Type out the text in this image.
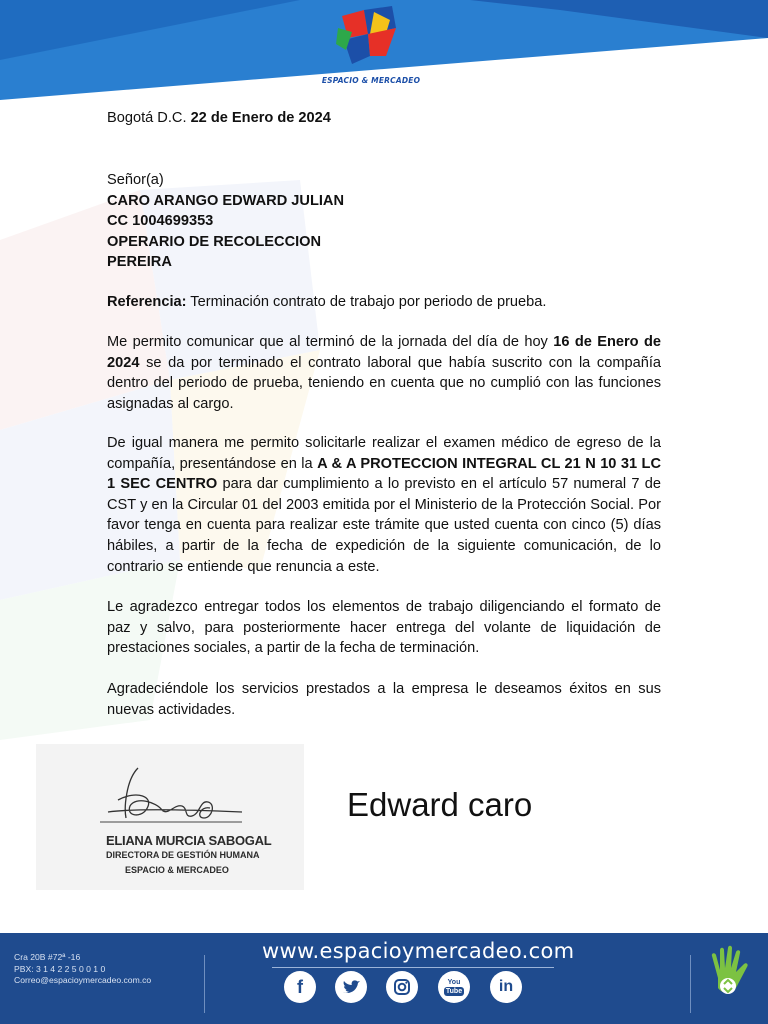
ESPACIO & MERCADEO
Bogotá D.C. 22 de Enero de 2024
Señor(a)
CARO ARANGO EDWARD JULIAN
CC 1004699353
OPERARIO DE RECOLECCION
PEREIRA
Referencia: Terminación contrato de trabajo por periodo de prueba.
Me permito comunicar que al terminó de la jornada del día de hoy 16 de Enero de 2024 se da por terminado el contrato laboral que había suscrito con la compañía dentro del periodo de prueba, teniendo en cuenta que no cumplió con las funciones asignadas al cargo.
De igual manera me permito solicitarle realizar el examen médico de egreso de la compañía, presentándose en la A & A PROTECCION INTEGRAL CL 21 N 10 31 LC 1 SEC CENTRO para dar cumplimiento a lo previsto en el artículo 57 numeral 7 de CST y en la Circular 01 del 2003 emitida por el Ministerio de la Protección Social. Por favor tenga en cuenta para realizar este trámite que usted cuenta con cinco (5) días hábiles, a partir de la fecha de expedición de la siguiente comunicación, de lo contrario se entiende que renuncia a este.
Le agradezco entregar todos los elementos de trabajo diligenciando el formato de paz y salvo, para posteriormente hacer entrega del volante de liquidación de prestaciones sociales, a partir de la fecha de terminación.
Agradeciéndole los servicios prestados a la empresa le deseamos éxitos en sus nuevas actividades.
ELIANA MURCIA SABOGAL
DIRECTORA DE GESTIÓN HUMANA
ESPACIO & MERCADEO
Edward caro
Cra 20B #72ª -16
PBX: 3 1 4 2 2 5 0 0 1 0
Correo@espacioymercadeo.com.co
www.espacioymercadeo.com
f	You
Tube	in
